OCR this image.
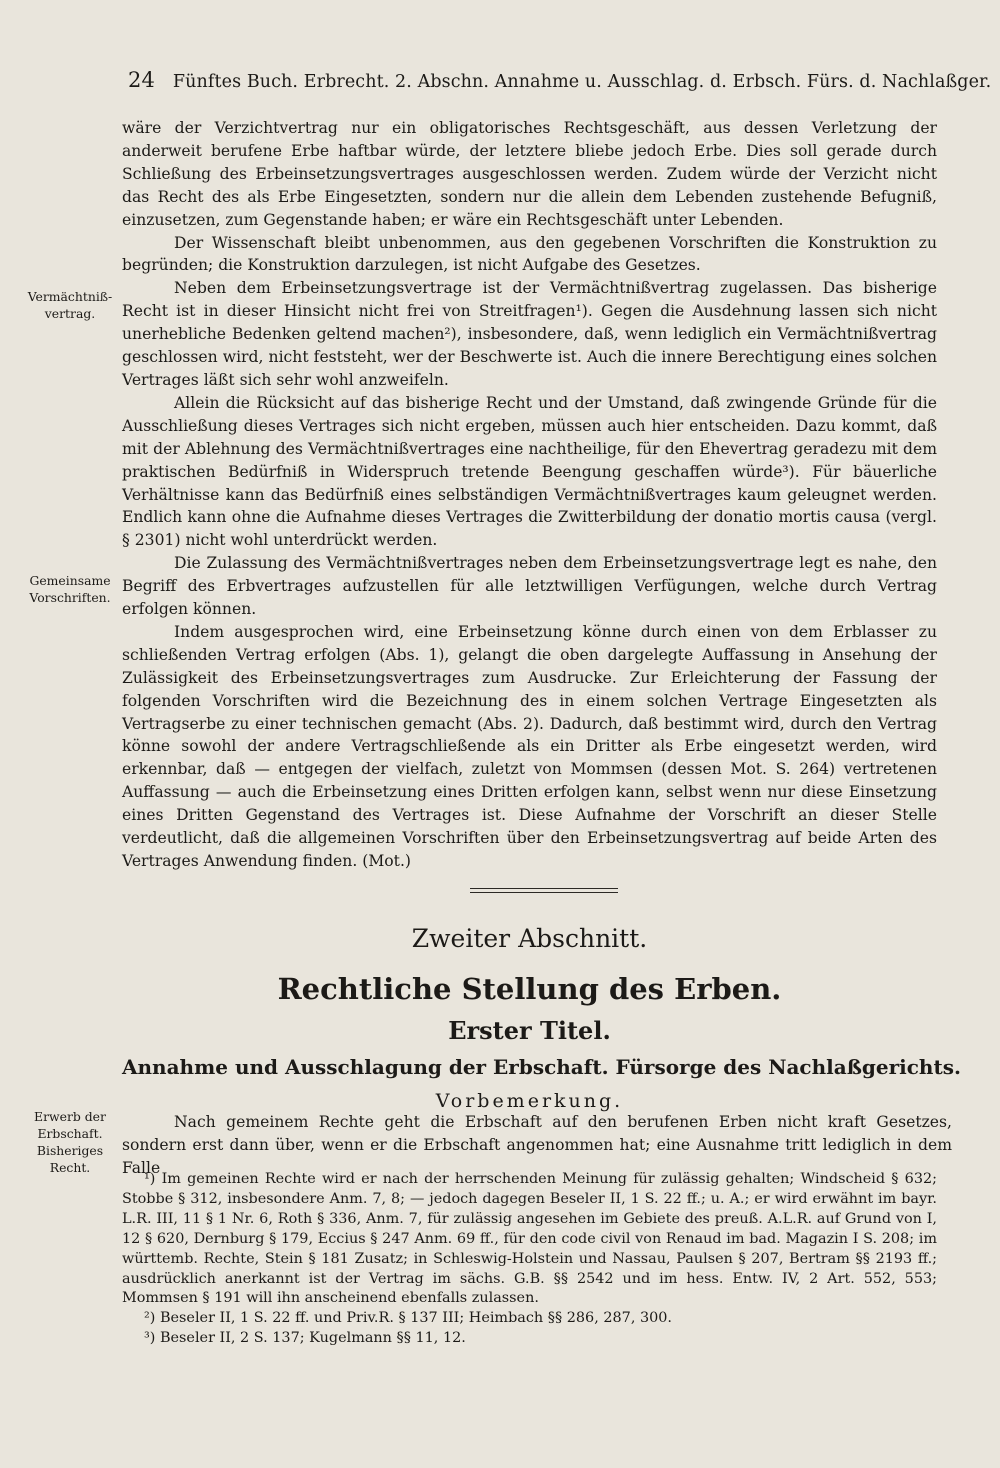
24 Fünftes Buch. Erbrecht. 2. Abschn. Annahme u. Ausschlag. d. Erbsch. Fürs. d. Nachlaßger.
Vermächtniß- vertrag.
Gemeinsame Vorschriften.
Erwerb der Erbschaft. Bisheriges Recht.

wäre der Verzichtvertrag nur ein obligatorisches Rechtsgeschäft, aus dessen Verletzung der anderweit berufene Erbe haftbar würde, der letztere bliebe jedoch Erbe. Dies soll gerade durch Schließung des Erbeinsetzungsvertrages ausgeschlossen werden. Zudem würde der Verzicht nicht das Recht des als Erbe Eingesetzten, sondern nur die allein dem Lebenden zustehende Befugniß, einzusetzen, zum Gegenstande haben; er wäre ein Rechtsgeschäft unter Lebenden.

Der Wissenschaft bleibt unbenommen, aus den gegebenen Vorschriften die Konstruktion zu begründen; die Konstruktion darzulegen, ist nicht Aufgabe des Gesetzes.

Neben dem Erbeinsetzungsvertrage ist der Vermächtnißvertrag zugelassen. Das bisherige Recht ist in dieser Hinsicht nicht frei von Streitfragen¹). Gegen die Ausdehnung lassen sich nicht unerhebliche Bedenken geltend machen²), insbesondere, daß, wenn lediglich ein Vermächtnißvertrag geschlossen wird, nicht feststeht, wer der Beschwerte ist. Auch die innere Berechtigung eines solchen Vertrages läßt sich sehr wohl anzweifeln.

Allein die Rücksicht auf das bisherige Recht und der Umstand, daß zwingende Gründe für die Ausschließung dieses Vertrages sich nicht ergeben, müssen auch hier entscheiden. Dazu kommt, daß mit der Ablehnung des Vermächtnißvertrages eine nachtheilige, für den Ehevertrag geradezu mit dem praktischen Bedürfniß in Widerspruch tretende Beengung geschaffen würde³). Für bäuerliche Verhältnisse kann das Bedürfniß eines selbständigen Vermächtnißvertrages kaum geleugnet werden. Endlich kann ohne die Aufnahme dieses Vertrages die Zwitterbildung der donatio mortis causa (vergl. § 2301) nicht wohl unterdrückt werden.

Die Zulassung des Vermächtnißvertrages neben dem Erbeinsetzungsvertrage legt es nahe, den Begriff des Erbvertrages aufzustellen für alle letztwilligen Verfügungen, welche durch Vertrag erfolgen können.

Indem ausgesprochen wird, eine Erbeinsetzung könne durch einen von dem Erblasser zu schließenden Vertrag erfolgen (Abs. 1), gelangt die oben dargelegte Auffassung in Ansehung der Zulässigkeit des Erbeinsetzungsvertrages zum Ausdrucke. Zur Erleichterung der Fassung der folgenden Vorschriften wird die Bezeichnung des in einem solchen Vertrage Eingesetzten als Vertragserbe zu einer technischen gemacht (Abs. 2). Dadurch, daß bestimmt wird, durch den Vertrag könne sowohl der andere Vertragschließende als ein Dritter als Erbe eingesetzt werden, wird erkennbar, daß — entgegen der vielfach, zuletzt von Mommsen (dessen Mot. S. 264) vertretenen Auffassung — auch die Erbeinsetzung eines Dritten erfolgen kann, selbst wenn nur diese Einsetzung eines Dritten Gegenstand des Vertrages ist. Diese Aufnahme der Vorschrift an dieser Stelle verdeutlicht, daß die allgemeinen Vorschriften über den Erbeinsetzungsvertrag auf beide Arten des Vertrages Anwendung finden. (Mot.)

Zweiter Abschnitt.
Rechtliche Stellung des Erben.
Erster Titel.
Annahme und Ausschlagung der Erbschaft. Fürsorge des Nachlaßgerichts.
Vorbemerkung.

Nach gemeinem Rechte geht die Erbschaft auf den berufenen Erben nicht kraft Gesetzes, sondern erst dann über, wenn er die Erbschaft angenommen hat; eine Ausnahme tritt lediglich in dem Falle

¹) Im gemeinen Rechte wird er nach der herrschenden Meinung für zulässig gehalten; Windscheid § 632; Stobbe § 312, insbesondere Anm. 7, 8; — jedoch dagegen Beseler II, 1 S. 22 ff.; u. A.; er wird erwähnt im bayr. L.R. III, 11 § 1 Nr. 6, Roth § 336, Anm. 7, für zulässig angesehen im Gebiete des preuß. A.L.R. auf Grund von I, 12 § 620, Dernburg § 179, Eccius § 247 Anm. 69 ff., für den code civil von Renaud im bad. Magazin I S. 208; im württemb. Rechte, Stein § 181 Zusatz; in Schleswig-Holstein und Nassau, Paulsen § 207, Bertram §§ 2193 ff.; ausdrücklich anerkannt ist der Vertrag im sächs. G.B. §§ 2542 und im hess. Entw. IV, 2 Art. 552, 553; Mommsen § 191 will ihn anscheinend ebenfalls zulassen.

²) Beseler II, 1 S. 22 ff. und Priv.R. § 137 III; Heimbach §§ 286, 287, 300.

³) Beseler II, 2 S. 137; Kugelmann §§ 11, 12.
